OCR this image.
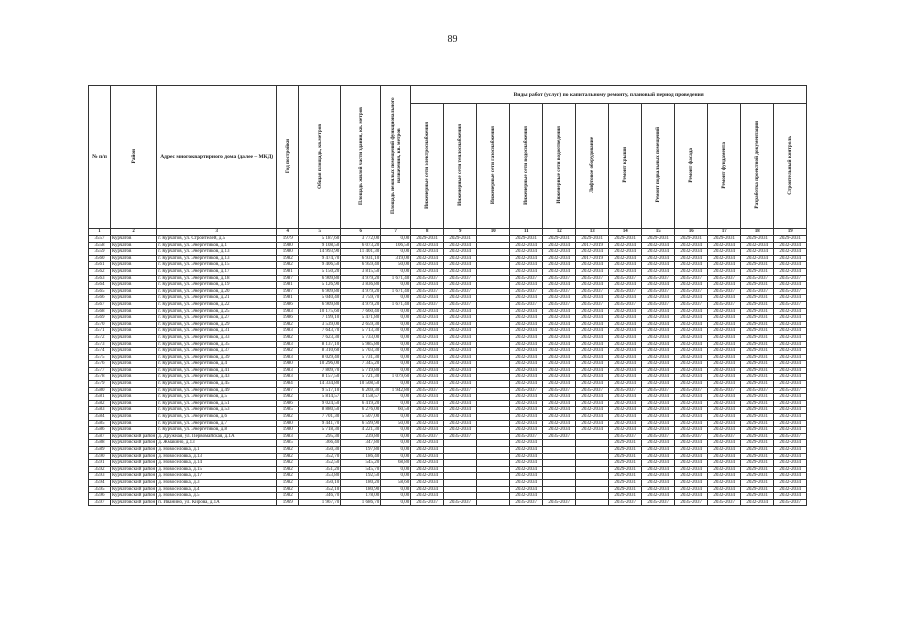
89
№ п/п	Район	Адрес многоквартирного дома (далее – МКД)	Год постройки	Общая площадь, кв.метров	Площадь жилой части здания, кв. метров	Площадь нежилых помещений функционального назначения, кв. метров	Виды работ (услуг) по капитальному ремонту, плановый период проведения											
							Инженерные сети электроснабжения	Инженерные сети теплоснабжения	Инженерные сети газоснабжения	Инженерные сети водоснабжения	Инженерные сети водоотведения	Лифтовое оборудование	Ремонт крыши	Ремонт подвальных помещений	Ремонт фасада	Ремонт фундамента	Разработка проектной документации	Строительный контроль
1	2	3	4	5	6	7	8	9	10	11	12	13	14	15	16	17	18	19
3557	Курчатов	г. Курчатов, ул. Строителей, д.5	1979	5 187,60	3 772,00	0,00	2029-2031	2029-2031		2029-2031	2029-2031	2029-2031	2029-2031	2029-2031	2029-2031	2029-2031	2029-2031	2029-2031
3558	Курчатов	г. Курчатов, ул. Энергетиков, д.1	1980	9 108,50	6 073,20	106,50	2032-2034	2032-2034		2032-2034	2032-2034	2017-2019	2032-2034	2032-2034	2032-2034	2032-2034	2032-2034	2032-2034
3559	Курчатов	г. Курчатов, ул. Энергетиков, д.13	1980	14 993,90	11 401,30	0,00	2032-2034	2032-2034		2032-2034	2032-2034	2032-2034	2032-2034	2032-2034	2032-2034	2032-2034	2032-2034	2032-2034
3560	Курчатов	г. Курчатов, ул. Энергетиков, д.13	1982	9 474,70	6 931,10	319,00	2032-2034	2032-2034		2032-2034	2032-2034	2017-2019	2032-2034	2032-2034	2032-2034	2032-2034	2032-2034	2032-2034
3561	Курчатов	г. Курчатов, ул. Энергетиков, д.15	1982	9 406,50	6 959,40	50,00	2032-2034	2032-2034		2032-2034	2032-2034	2032-2034	2032-2034	2032-2034	2032-2034	2032-2034	2029-2031	2032-2034
3562	Курчатов	г. Курчатов, ул. Энергетиков, д.17	1981	5 150,20	3 815,50	0,00	2032-2034	2032-2034		2032-2034	2032-2034	2032-2034	2032-2034	2032-2034	2032-2034	2032-2034	2029-2031	2032-2034
3563	Курчатов	г. Курчатов, ул. Энергетиков, д.18	1987	6 909,80	4 979,20	1 671,40	2035-2037	2035-2037		2035-2037	2035-2037	2035-2037	2035-2037	2035-2037	2035-2037	2035-2037	2035-2037	2035-2037
3564	Курчатов	г. Курчатов, ул. Энергетиков, д.19	1981	5 126,90	3 836,80	0,00	2032-2034	2032-2034		2032-2034	2032-2034	2032-2034	2032-2034	2032-2034	2032-2034	2032-2034	2029-2031	2032-2034
3565	Курчатов	г. Курчатов, ул. Энергетиков, д.20	1987	6 909,80	4 979,20	1 671,40	2035-2037	2035-2037		2035-2037	2035-2037	2035-2037	2035-2037	2035-2037	2035-2037	2035-2037	2035-2037	2035-2037
3566	Курчатов	г. Курчатов, ул. Энергетиков, д.21	1981	5 040,40	3 759,70	0,00	2032-2034	2032-2034		2032-2034	2032-2034	2032-2034	2032-2034	2032-2034	2032-2034	2032-2034	2029-2031	2032-2034
3567	Курчатов	г. Курчатов, ул. Энергетиков, д.22	1986	6 909,80	4 979,20	1 671,40	2035-2037	2035-2037		2035-2037	2035-2037	2035-2037	2035-2037	2035-2037	2035-2037	2035-2037	2029-2031	2035-2037
3568	Курчатов	г. Курчатов, ул. Энергетиков, д.25	1983	10 175,60	7 660,40	0,00	2032-2034	2032-2034		2032-2034	2032-2034	2032-2034	2032-2034	2032-2034	2032-2034	2032-2034	2029-2031	2032-2034
3569	Курчатов	г. Курчатов, ул. Энергетиков, д.27	1986	7 199,10	5 471,80	0,00	2032-2034	2032-2034		2032-2034	2032-2034	2032-2034	2032-2034	2032-2034	2032-2034	2032-2034	2029-2031	2032-2034
3570	Курчатов	г. Курчатов, ул. Энергетиков, д.29	1982	3 539,00	2 659,30	0,00	2032-2034	2032-2034		2032-2034	2032-2034	2032-2034	2032-2034	2032-2034	2032-2034	2032-2034	2029-2031	2032-2034
3571	Курчатов	г. Курчатов, ул. Энергетиков, д.31	1983	7 643,70	5 713,30	0,00	2032-2034	2032-2034		2032-2034	2032-2034	2032-2034	2032-2034	2032-2034	2032-2034	2032-2034	2029-2031	2032-2034
3572	Курчатов	г. Курчатов, ул. Энергетиков, д.33	1982	7 623,30	5 733,00	0,00	2032-2034	2032-2034		2032-2034	2032-2034	2032-2034	2032-2034	2032-2034	2032-2034	2032-2034	2029-2031	2032-2034
3573	Курчатов	г. Курчатов, ул. Энергетиков, д.35	1983	8 137,10	5 985,80	0,00	2032-2034	2032-2034		2032-2034	2032-2034	2032-2034	2032-2034	2032-2034	2032-2034	2032-2034	2029-2031	2032-2034
3574	Курчатов	г. Курчатов, ул. Энергетиков, д.37	1982	8 310,60	5 703,30	0,00	2032-2034	2032-2034		2032-2034	2032-2034	2032-2034	2032-2034	2032-2034	2032-2034	2032-2034	2029-2031	2032-2034
3575	Курчатов	г. Курчатов, ул. Энергетиков, д.39	1983	8 029,40	5 731,30	0,00	2032-2034	2032-2034		2032-2034	2032-2034	2032-2034	2032-2034	2032-2034	2032-2034	2032-2034	2029-2031	2032-2034
3576	Курчатов	г. Курчатов, ул. Энергетиков, д.4	1980	10 296,00	7 345,20	0,00	2032-2034	2032-2034		2032-2034	2032-2034	2032-2034	2032-2034	2032-2034	2032-2034	2032-2034	2029-2031	2032-2034
3577	Курчатов	г. Курчатов, ул. Энергетиков, д.41	1983	7 809,70	5 719,80	0,00	2032-2034	2032-2034		2032-2034	2032-2034	2032-2034	2032-2034	2032-2034	2032-2034	2032-2034	2029-2031	2032-2034
3578	Курчатов	г. Курчатов, ул. Энергетиков, д.43	1983	8 157,50	5 721,30	1 079,60	2032-2034	2032-2034		2032-2034	2032-2034	2032-2034	2032-2034	2032-2034	2032-2034	2032-2034	2029-2031	2032-2034
3579	Курчатов	г. Курчатов, ул. Энергетиков, д.45	1984	14 334,80	10 508,50	0,00	2032-2034	2032-2034		2032-2034	2032-2034	2032-2034	2032-2034	2032-2034	2032-2034	2032-2034	2029-2031	2032-2034
3580	Курчатов	г. Курчатов, ул. Энергетиков, д.49	1987	9 517,10	6 269,30	1 942,80	2035-2037	2035-2037		2035-2037	2035-2037	2035-2037	2035-2037	2035-2037	2035-2037	2035-2037	2035-2037	2035-2037
3581	Курчатов	г. Курчатов, ул. Энергетиков, д.5	1982	5 814,57	4 158,57	0,00	2032-2034	2032-2034		2032-2034	2032-2034	2032-2034	2032-2034	2032-2034	2032-2034	2032-2034	2029-2031	2032-2034
3582	Курчатов	г. Курчатов, ул. Энергетиков, д.51	1986	9 024,50	6 419,20	0,00	2032-2034	2032-2034		2032-2034	2032-2034	2032-2034	2032-2034	2032-2034	2032-2034	2032-2034	2029-2031	2032-2034
3583	Курчатов	г. Курчатов, ул. Энергетиков, д.53	1985	8 880,50	6 276,00	60,50	2032-2034	2032-2034		2032-2034	2032-2034	2032-2034	2032-2034	2032-2034	2032-2034	2032-2034	2029-2031	2032-2034
3584	Курчатов	г. Курчатов, ул. Энергетиков, д.6	1982	7 701,30	5 507,00	0,00	2032-2034	2032-2034		2032-2034	2032-2034	2032-2034	2032-2034	2032-2034	2032-2034	2032-2034	2029-2031	2032-2034
3585	Курчатов	г. Курчатов, ул. Энергетиков, д.7	1980	9 441,70	6 599,90	50,00	2032-2034	2032-2034		2032-2034	2032-2034	2032-2034	2032-2034	2032-2034	2032-2034	2032-2034	2029-2031	2032-2034
3586	Курчатов	г. Курчатов, ул. Энергетиков, д.8	1980	5 718,30	4 221,30	0,00	2032-2034	2032-2034		2032-2034	2032-2034	2032-2034	2032-2034	2032-2034	2032-2034	2032-2034	2029-2031	2032-2034
3587	Курчатовский район	д. Дружная, ул. Первомайская, д.1А	1983	295,30	239,80	0,00	2035-2037	2035-2037		2035-2037	2035-2037		2035-2037	2035-2037	2035-2037	2035-2037	2029-2031	2035-2037
3588	Курчатовский район	д. Жмакино, д.13	1985	366,40	347,80	0,00	2032-2034			2032-2034			2029-2031	2032-2034	2032-2034	2032-2034	2029-2031	2032-2034
3589	Курчатовский район	д. Новоселовка, д.1	1982	350,30	197,80	0,00	2032-2034			2032-2034			2029-2031	2032-2034	2032-2034	2032-2034	2029-2031	2032-2034
3590	Курчатовский район	д. Новоселовка, д.13	1982	352,70	186,40	0,00	2032-2034			2032-2034			2029-2031	2032-2034	2032-2034	2032-2034	2029-2031	2032-2034
3591	Курчатовский район	д. Новоселовка, д.14	1982	352,50	545,20	68,80	2032-2034			2032-2034			2029-2031	2032-2034	2032-2034	2032-2034	2029-2031	2032-2034
3592	Курчатовский район	д. Новоселовка, д.15	1982	351,20	545,70	0,00	2032-2034			2032-2034			2029-2031	2032-2034	2032-2034	2032-2034	2029-2031	2032-2034
3593	Курчатовский район	д. Новоселовка, д.17	1982	353,80	192,50	0,00	2032-2034			2032-2034			2029-2031	2032-2034	2032-2034	2032-2034	2029-2031	2032-2034
3594	Курчатовский район	д. Новоселовка, д.3	1982	350,10	180,20	58,60	2032-2034			2032-2034			2029-2031	2032-2034	2032-2034	2032-2034	2029-2031	2032-2034
3595	Курчатовский район	д. Новоселовка, д.4	1982	352,10	180,90	0,00	2032-2034			2032-2034			2029-2031	2032-2034	2032-2034	2032-2034	2029-2031	2032-2034
3596	Курчатовский район	д. Новоселовка, д.5	1982	346,70	178,00	0,00	2032-2034			2032-2034			2029-2031	2032-2034	2032-2034	2032-2034	2029-2031	2032-2034
3597	Курчатовский район	п. Иванино, ул. Кирова, д.1А	1969	1 967,70	1 686,70	0,00	2035-2037	2035-2037		2035-2037	2035-2037		2035-2037	2035-2037	2035-2037	2035-2037	2032-2034	2035-2037
